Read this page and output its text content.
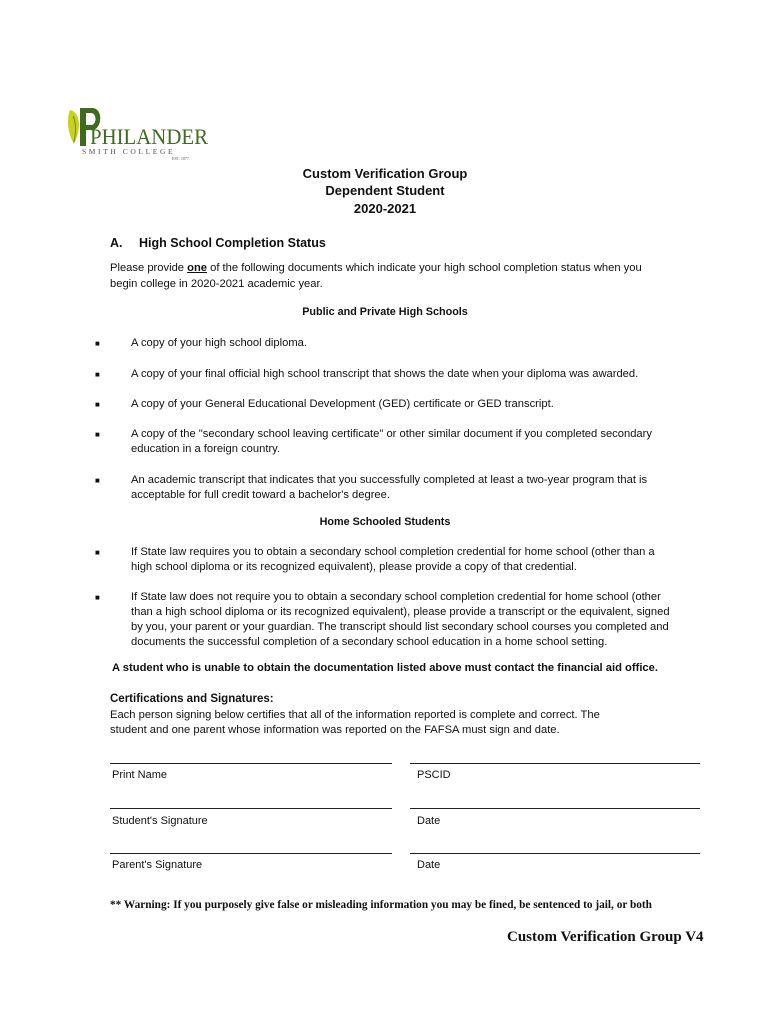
PHILANDER
SMITH COLLEGE
EST. 1877
Custom Verification Group
Dependent Student
2020-2021
A. High School Completion Status
Please provide one of the following documents which indicate your high school completion status when you begin college in 2020-2021 academic year.
Public and Private High Schools
■	A copy of your high school diploma.
■	A copy of your final official high school transcript that shows the date when your diploma was awarded.
■	A copy of your General Educational Development (GED) certificate or GED transcript.
■	A copy of the "secondary school leaving certificate" or other similar document if you completed secondary education in a foreign country.
■	An academic transcript that indicates that you successfully completed at least a two-year program that is acceptable for full credit toward a bachelor's degree.
Home Schooled Students
■	If State law requires you to obtain a secondary school completion credential for home school (other than a high school diploma or its recognized equivalent), please provide a copy of that credential.
■	If State law does not require you to obtain a secondary school completion credential for home school (other than a high school diploma or its recognized equivalent), please provide a transcript or the equivalent, signed by you, your parent or your guardian. The transcript should list secondary school courses you completed and documents the successful completion of a secondary school education in a home school setting.
A student who is unable to obtain the documentation listed above must contact the financial aid office.
Certifications and Signatures:
Each person signing below certifies that all of the information reported is complete and correct. The student and one parent whose information was reported on the FAFSA must sign and date.
Print Name	PSCID
Student's Signature	Date
Parent's Signature	Date
** Warning: If you purposely give false or misleading information you may be fined, be sentenced to jail, or both
Custom Verification Group V4
